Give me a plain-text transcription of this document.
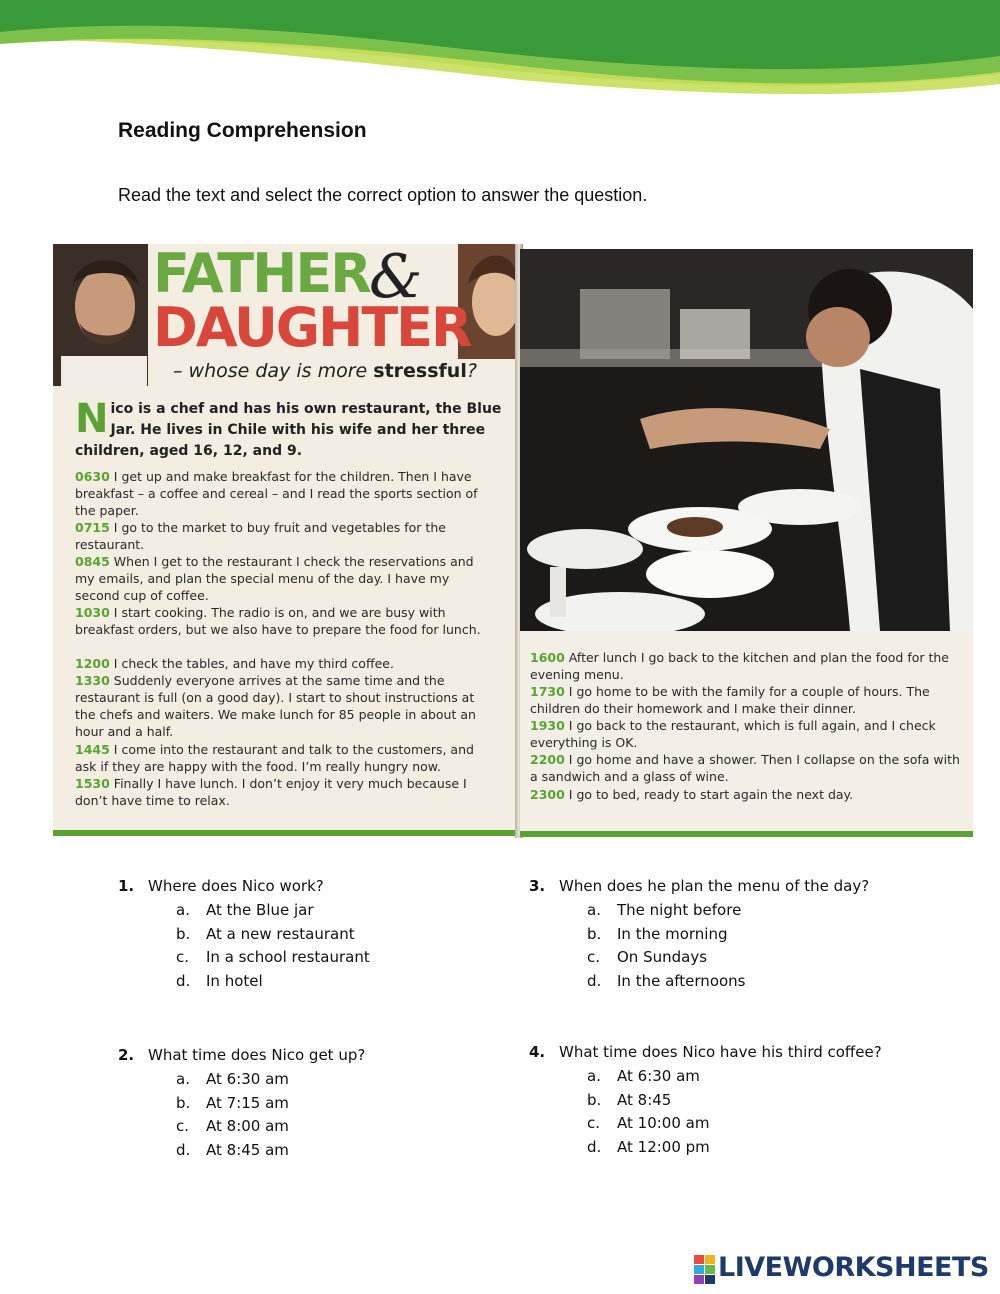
Reading Comprehension
Read the text and select the correct option to answer the question.
FATHER &
DAUGHTER
– whose day is more stressful?
Nico is a chef and has his own restaurant, the Blue Jar. He lives in Chile with his wife and her three children, aged 16, 12, and 9.
0630 I get up and make breakfast for the children. Then I have breakfast – a coffee and cereal – and I read the sports section of the paper.
0715 I go to the market to buy fruit and vegetables for the restaurant.
0845 When I get to the restaurant I check the reservations and my emails, and plan the special menu of the day. I have my second cup of coffee.
1030 I start cooking. The radio is on, and we are busy with breakfast orders, but we also have to prepare the food for lunch.
1200 I check the tables, and have my third coffee.
1330 Suddenly everyone arrives at the same time and the restaurant is full (on a good day). I start to shout instructions at the chefs and waiters. We make lunch for 85 people in about an hour and a half.
1445 I come into the restaurant and talk to the customers, and ask if they are happy with the food. I’m really hungry now.
1530 Finally I have lunch. I don’t enjoy it very much because I don’t have time to relax.
1600 After lunch I go back to the kitchen and plan the food for the evening menu.
1730 I go home to be with the family for a couple of hours. The children do their homework and I make their dinner.
1930 I go back to the restaurant, which is full again, and I check everything is OK.
2200 I go home and have a shower. Then I collapse on the sofa with a sandwich and a glass of wine.
2300 I go to bed, ready to start again the next day.
1. Where does Nico work?
a. At the Blue jar
b. At a new restaurant
c. In a school restaurant
d. In hotel
2. What time does Nico get up?
a. At 6:30 am
b. At 7:15 am
c. At 8:00 am
d. At 8:45 am
3. When does he plan the menu of the day?
a. The night before
b. In the morning
c. On Sundays
d. In the afternoons
4. What time does Nico have his third coffee?
a. At 6:30 am
b. At 8:45
c. At 10:00 am
d. At 12:00 pm
LIVEWORKSHEETS
